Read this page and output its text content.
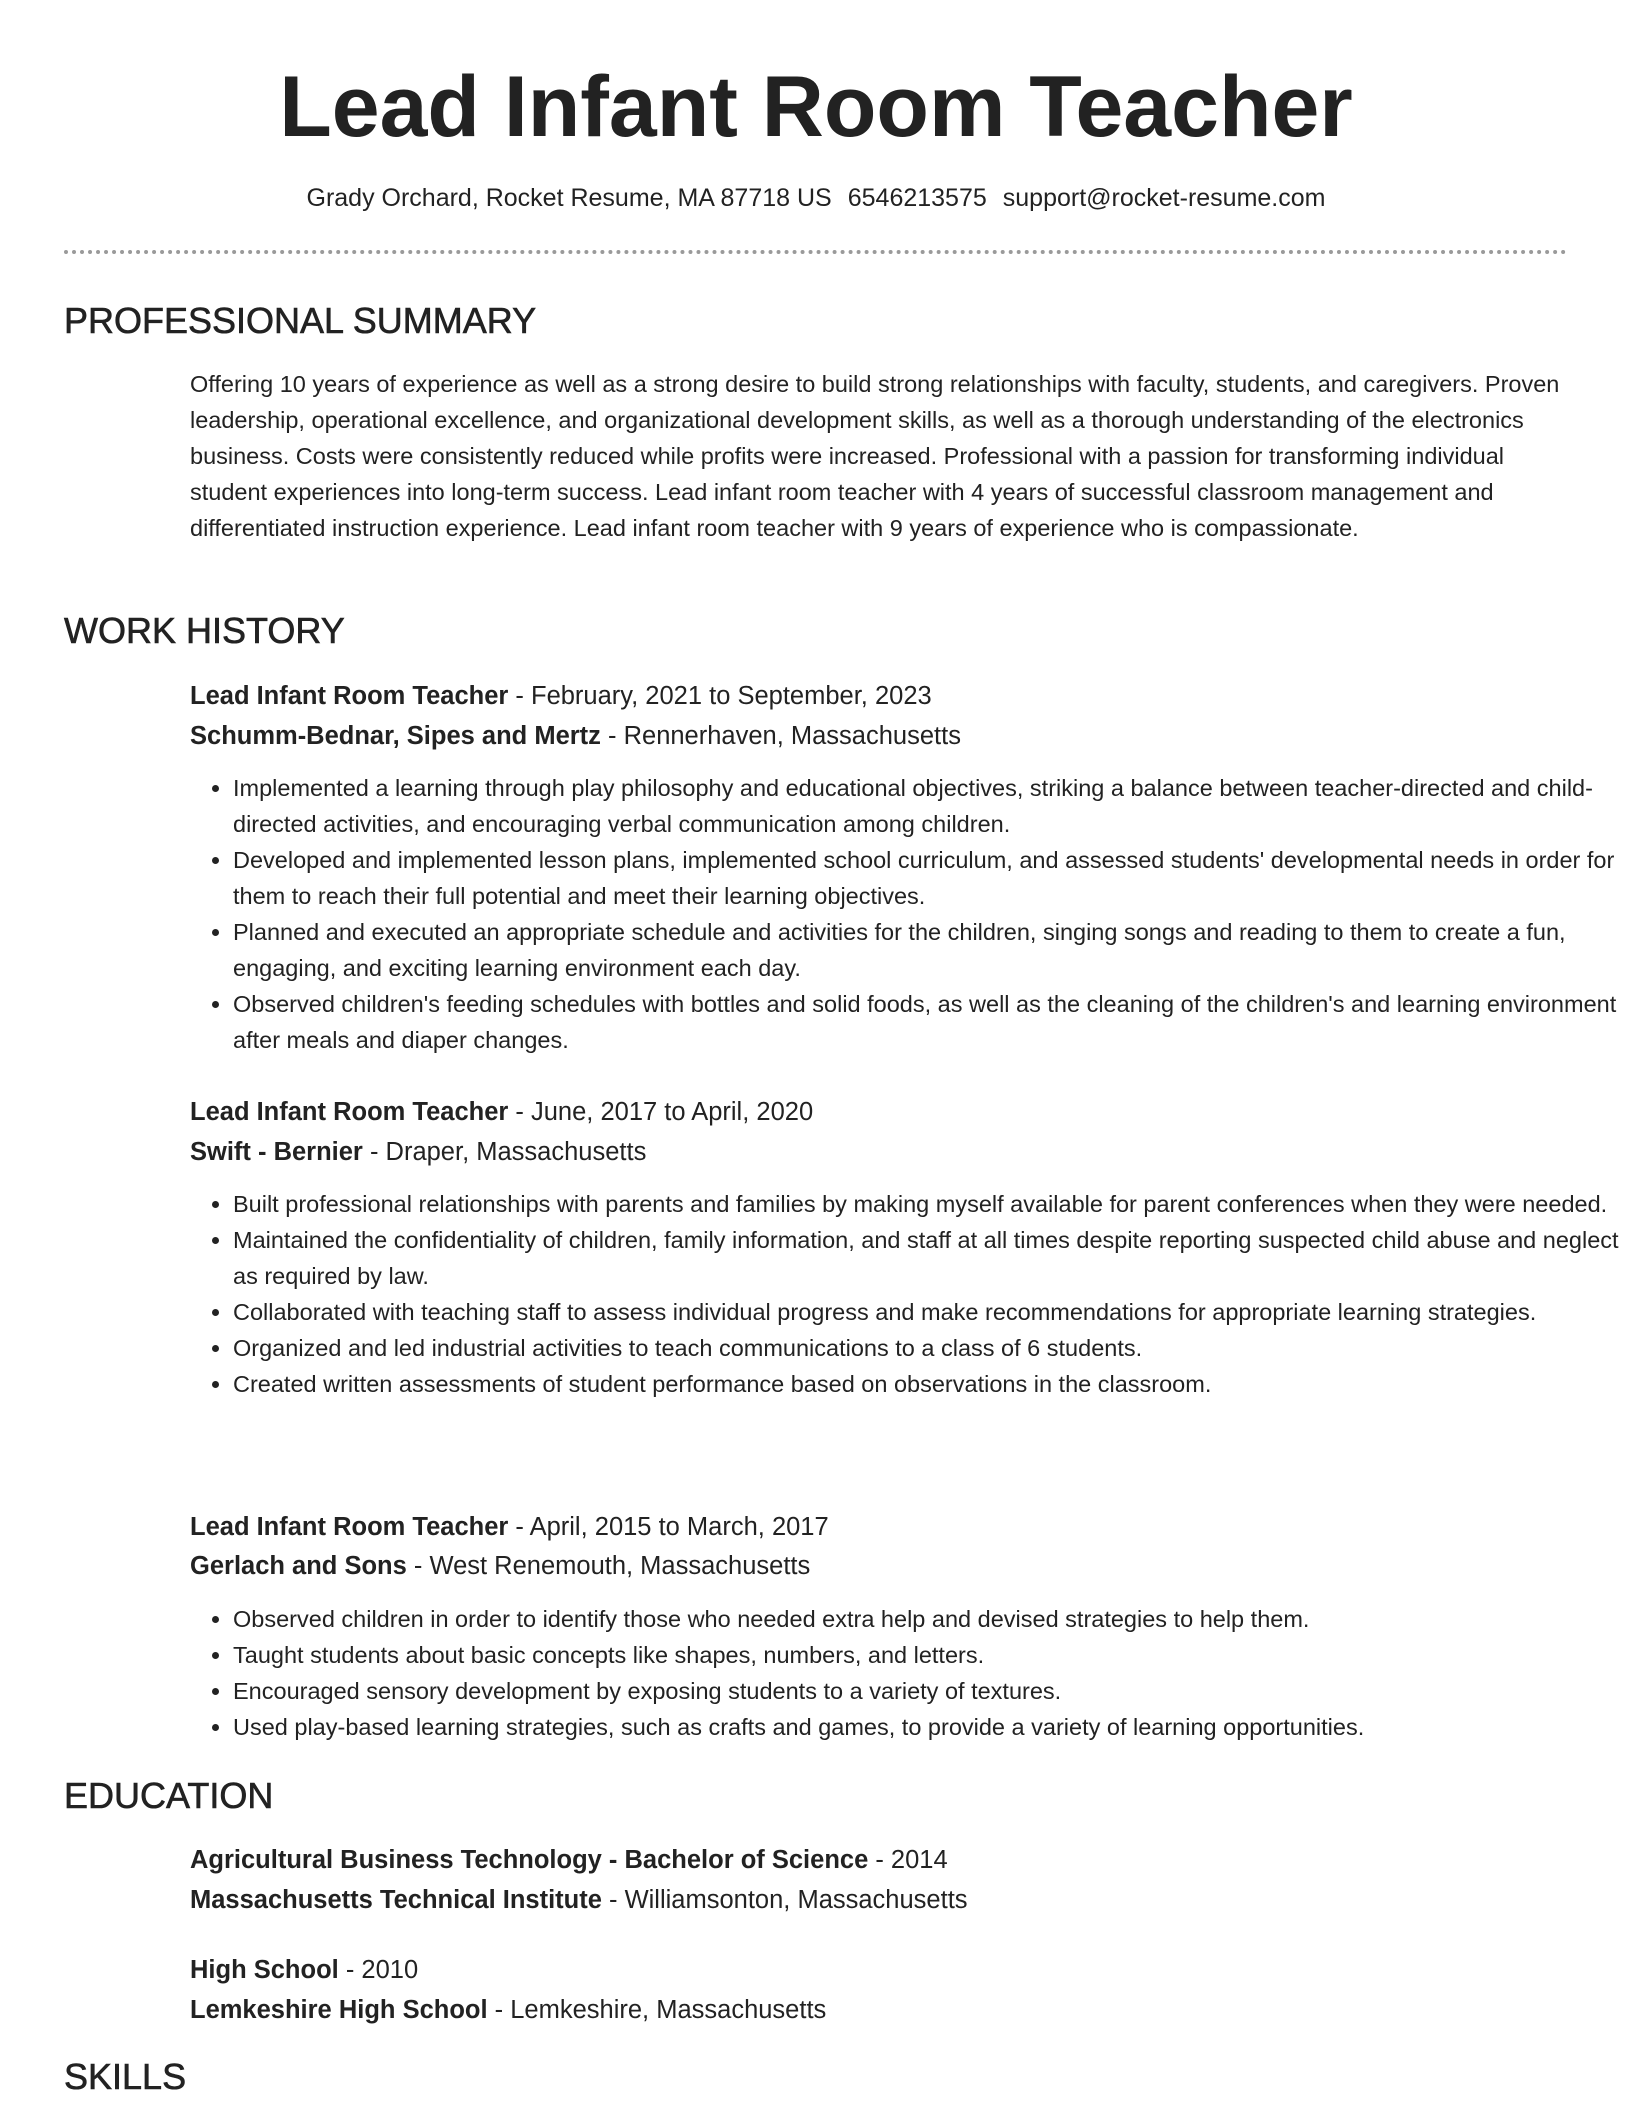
Lead Infant Room Teacher
Grady Orchard, Rocket Resume, MA 87718 US 6546213575 support@rocket-resume.com
PROFESSIONAL SUMMARY

Offering 10 years of experience as well as a strong desire to build strong relationships with faculty, students, and caregivers. Proven leadership, operational excellence, and organizational development skills, as well as a thorough understanding of the electronics business. Costs were consistently reduced while profits were increased. Professional with a passion for transforming individual student experiences into long-term success. Lead infant room teacher with 4 years of successful classroom management and differentiated instruction experience. Lead infant room teacher with 9 years of experience who is compassionate.

WORK HISTORY
Lead Infant Room Teacher - February, 2021 to September, 2023
Schumm-Bednar, Sipes and Mertz - Rennerhaven, Massachusetts
• Implemented a learning through play philosophy and educational objectives, striking a balance between teacher-directed and child-directed activities, and encouraging verbal communication among children.
• Developed and implemented lesson plans, implemented school curriculum, and assessed students' developmental needs in order for them to reach their full potential and meet their learning objectives.
• Planned and executed an appropriate schedule and activities for the children, singing songs and reading to them to create a fun, engaging, and exciting learning environment each day.
• Observed children's feeding schedules with bottles and solid foods, as well as the cleaning of the children's and learning environment after meals and diaper changes.
Lead Infant Room Teacher - June, 2017 to April, 2020
Swift - Bernier - Draper, Massachusetts
• Built professional relationships with parents and families by making myself available for parent conferences when they were needed.
• Maintained the confidentiality of children, family information, and staff at all times despite reporting suspected child abuse and neglect as required by law.
• Collaborated with teaching staff to assess individual progress and make recommendations for appropriate learning strategies.
• Organized and led industrial activities to teach communications to a class of 6 students.
• Created written assessments of student performance based on observations in the classroom.
Lead Infant Room Teacher - April, 2015 to March, 2017
Gerlach and Sons - West Renemouth, Massachusetts
• Observed children in order to identify those who needed extra help and devised strategies to help them.
• Taught students about basic concepts like shapes, numbers, and letters.
• Encouraged sensory development by exposing students to a variety of textures.
• Used play-based learning strategies, such as crafts and games, to provide a variety of learning opportunities.
EDUCATION
Agricultural Business Technology - Bachelor of Science - 2014
Massachusetts Technical Institute - Williamsonton, Massachusetts
High School - 2010
Lemkeshire High School - Lemkeshire, Massachusetts
SKILLS
